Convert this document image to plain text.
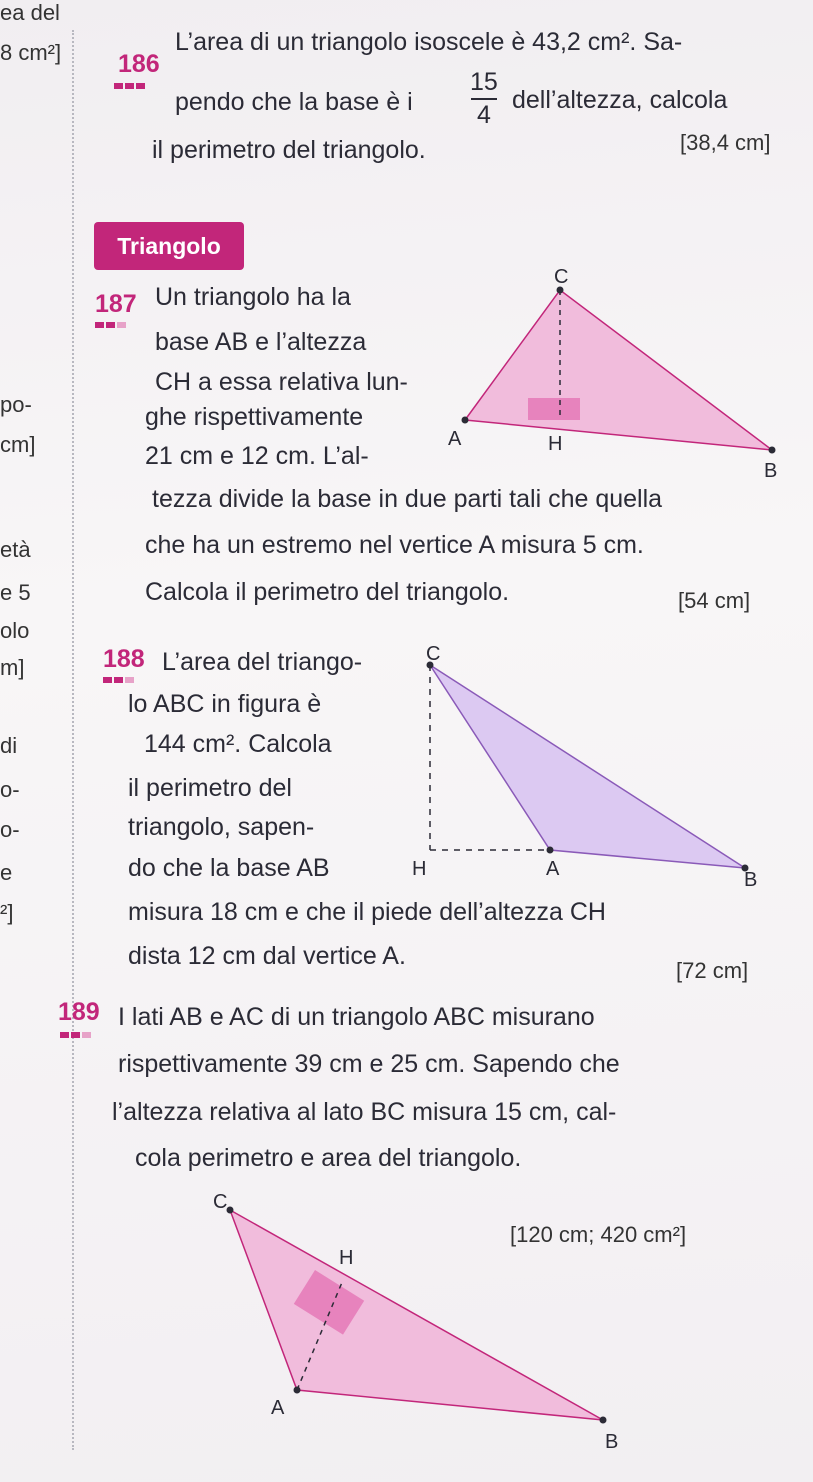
ea del
8 cm²]
po-
cm]
età
e 5
olo
m]
di
o-
o-
e
²]
186
L’area di un triangolo isoscele è 43,2 cm². Sa-
pendo che la base è i
15
4
dell’altezza, calcola
il perimetro del triangolo.	[38,4 cm]
Triangolo
187 Un triangolo ha la
base AB e l’altezza
CH a essa relativa lun-
ghe rispettivamente
21 cm e 12 cm. L’al-
tezza divide la base in due parti tali che quella
che ha un estremo nel vertice A misura 5 cm.
Calcola il perimetro del triangolo.	[54 cm]
C
A	H
B
188 L’area del triango-
lo ABC in figura è
144 cm². Calcola
il perimetro del
triangolo, sapen-
do che la base AB
misura 18 cm e che il piede dell’altezza CH
dista 12 cm dal vertice A.
[72 cm]
C
H	A	B
189 I lati AB e AC di un triangolo ABC misurano
rispettivamente 39 cm e 25 cm. Sapendo che
l’altezza relativa al lato BC misura 15 cm, cal-
cola perimetro e area del triangolo.
[120 cm; 420 cm²]
C
H
A
B
